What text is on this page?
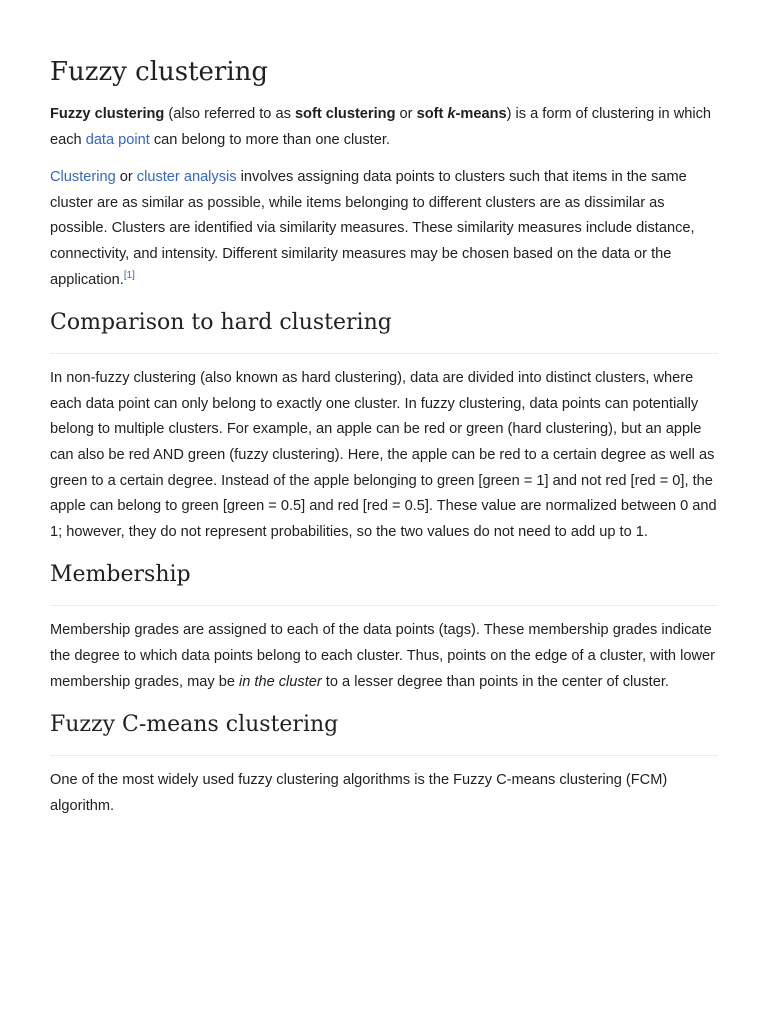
Fuzzy clustering

Fuzzy clustering (also referred to as soft clustering or soft k-means) is a form of clustering in which each data point can belong to more than one cluster.

Clustering or cluster analysis involves assigning data points to clusters such that items in the same cluster are as similar as possible, while items belonging to different clusters are as dissimilar as possible. Clusters are identified via similarity measures. These similarity measures include distance, connectivity, and intensity. Different similarity measures may be chosen based on the data or the application.[1]

Comparison to hard clustering

In non-fuzzy clustering (also known as hard clustering), data are divided into distinct clusters, where each data point can only belong to exactly one cluster. In fuzzy clustering, data points can potentially belong to multiple clusters. For example, an apple can be red or green (hard clustering), but an apple can also be red AND green (fuzzy clustering). Here, the apple can be red to a certain degree as well as green to a certain degree. Instead of the apple belonging to green [green = 1] and not red [red = 0], the apple can belong to green [green = 0.5] and red [red = 0.5]. These value are normalized between 0 and 1; however, they do not represent probabilities, so the two values do not need to add up to 1.

Membership

Membership grades are assigned to each of the data points (tags). These membership grades indicate the degree to which data points belong to each cluster. Thus, points on the edge of a cluster, with lower membership grades, may be in the cluster to a lesser degree than points in the center of cluster.

Fuzzy C-means clustering

One of the most widely used fuzzy clustering algorithms is the Fuzzy C-means clustering (FCM) algorithm.
